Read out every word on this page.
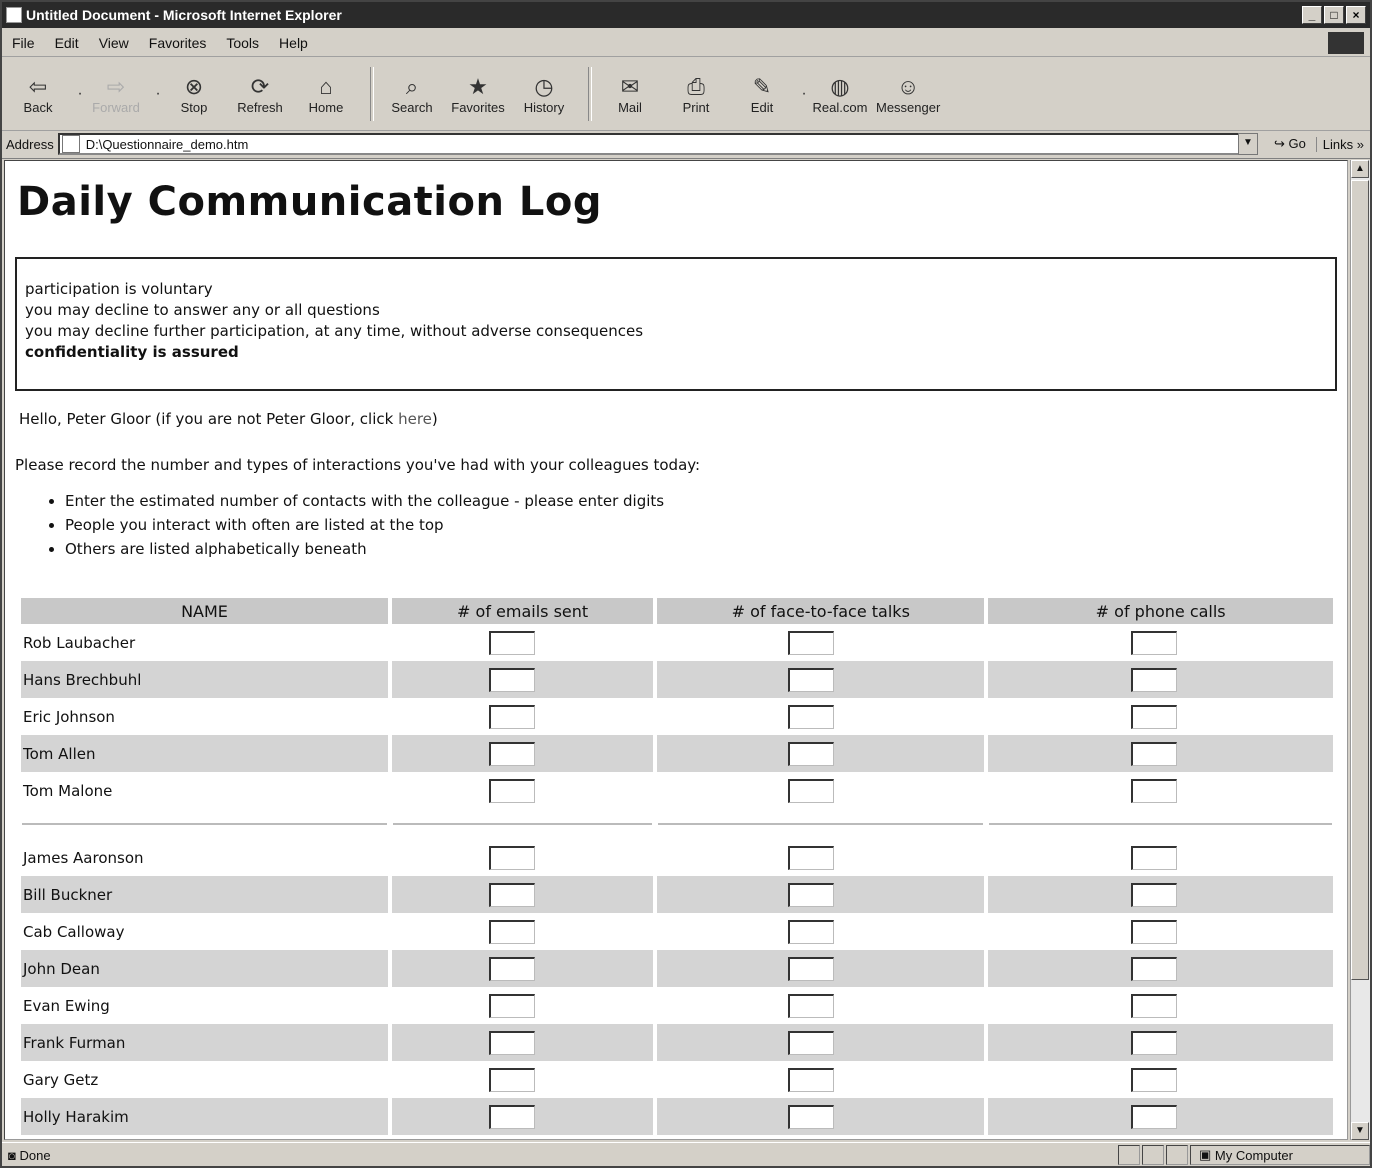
Untitled Document - Microsoft Internet Explorer	_	□	×
File	Edit	View	Favorites	Tools	Help
⇦
Back
· ⇨
Forward
· ⊗
Stop
⟳
Refresh
⌂
Home
⌕
Search
★
Favorites
◷
History
✉
Mail
⎙
Print
✎
Edit
· ◍
Real.com
☺
Messenger
Address	D:\Questionnaire_demo.htm	▼	↪ Go	Links »
Daily Communication Log
participation is voluntary
you may decline to answer any or all questions
you may decline further participation, at any time, without adverse consequences
confidentiality is assured
Hello, Peter Gloor (if you are not Peter Gloor, click here)
Please record the number and types of interactions you've had with your colleagues today:
• Enter the estimated number of contacts with the colleague - please enter digits
• People you interact with often are listed at the top
• Others are listed alphabetically beneath
NAME	# of emails sent	# of face-to-face talks	# of phone calls
Rob Laubacher	

Hans Brechbuhl	

Eric Johnson	

Tom Allen	

Tom Malone	

James Aaronson	

Bill Buckner	

Cab Calloway	

John Dean	

Evan Ewing	

Frank Furman	

Gary Getz	

Holly Harakim	

▲
▼
◙ Done	▣
My Computer
